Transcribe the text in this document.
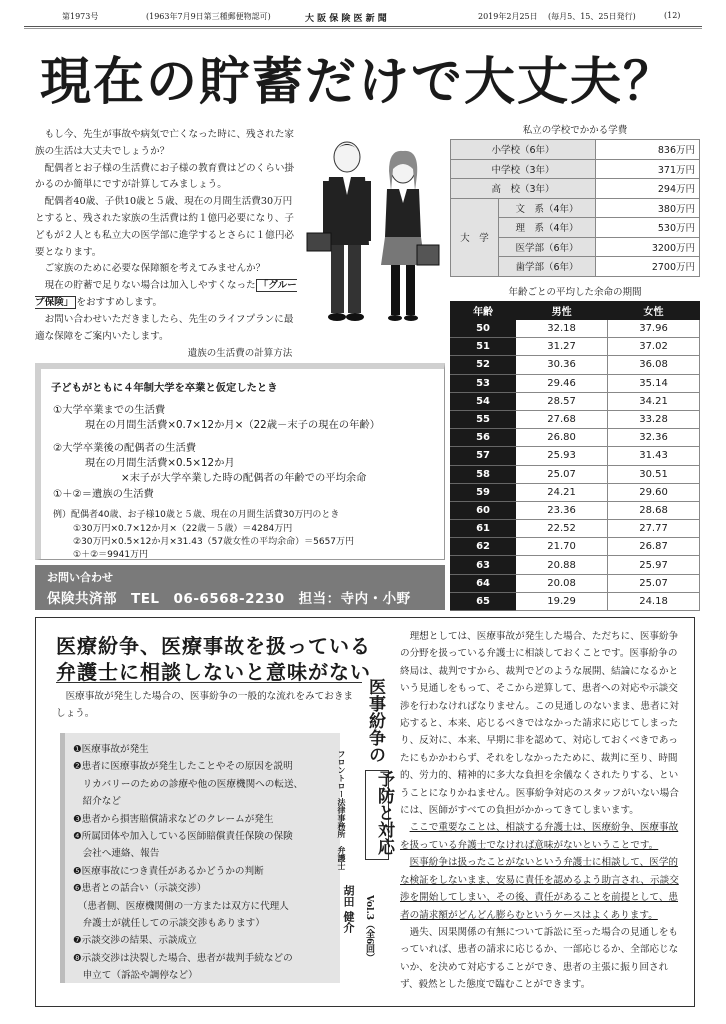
第1973号	(1963年7月9日第三種郵便物認可)	大 阪 保 険 医 新 聞	2019年2月25日 (毎月5、15、25日発行)	(12)
現在の貯蓄だけで大丈夫？

もし今、先生が事故や病気で亡くなった時に、残された家族の生活は大丈夫でしょうか？

配偶者とお子様の生活費にお子様の教育費はどのくらい掛かるのか簡単にですが計算してみましょう。

配偶者40歳、子供10歳と５歳、現在の月間生活費30万円とすると、残された家族の生活費は約１億円必要になり、子どもが２人とも私立大の医学部に進学するとさらに１億円必要となります。

ご家族のために必要な保障額を考えてみませんか？

現在の貯蓄で足りない場合は加入しやすくなった 「グループ保険」 をおすすめします。

お問い合わせいただきましたら、先生のライフプランに最適な保障をご案内いたします。

私立の学校でかかる学費
小学校（6年）		836万円
中学校（3年）		371万円
高　校（3年）		294万円
大　学	文　系（4年）	380万円
	理　系（4年）	530万円
	医学部（6年）	3200万円
	歯学部（6年）	2700万円
年齢ごとの平均した余命の期間
年齢	男性	女性
50	32.18	37.96
51	31.27	37.02
52	30.36	36.08
53	29.46	35.14
54	28.57	34.21
55	27.68	33.28
56	26.80	32.36
57	25.93	31.43
58	25.07	30.51
59	24.21	29.60
60	23.36	28.68
61	22.52	27.77
62	21.70	26.87
63	20.88	25.97
64	20.08	25.07
65	19.29	24.18
遺族の生活費の計算方法
子どもがともに４年制大学を卒業と仮定したとき
①大学卒業までの生活費
現在の月間生活費×0.7×12か月×（22歳－末子の現在の年齢）
②大学卒業後の配偶者の生活費
現在の月間生活費×0.5×12か月
×末子が大学卒業した時の配偶者の年齢での平均余命
①＋②＝遺族の生活費
例）配偶者40歳、お子様10歳と５歳、現在の月間生活費30万円のとき
①30万円×0.7×12か月×（22歳－５歳）＝4284万円
②30万円×0.5×12か月×31.43（57歳女性の平均余命）＝5657万円
①＋②＝9941万円
お問い合わせ
保険共済部　TEL　06-6568-2230　担当：寺内・小野
医療紛争、医療事故を扱っている
弁護士に相談しないと意味がない
医療事故が発生した場合の、医事紛争の一般的な流れをみておきましょう。
❶医療事故が発生
❷患者に医療事故が発生したことやその原因を説明
　リカバリーのための診療や他の医療機関への転送、
　紹介など
❸患者から損害賠償請求などのクレームが発生
❹所属団体や加入している医師賠償責任保険の保険
　会社へ連絡、報告
❺医療事故につき責任があるかどうかの判断
❻患者との話合い（示談交渉）
　（患者側、医療機関側の一方または双方に代理人
　弁護士が就任しての示談交渉もあります）
❼示談交渉の結果、示談成立
❽示談交渉は決裂した場合、患者が裁判手続などの
　申立て（訴訟や調停など）
医事紛争の
予防と対応
フロントロー法律事務所　弁護士
胡田 健介 Vol.3（全6回）

理想としては、医療事故が発生した場合、ただちに、医事紛争の分野を扱っている弁護士に相談しておくことです。医事紛争の終局は、裁判ですから、裁判でどのような展開、結論になるかという見通しをもって、そこから逆算して、患者への対応や示談交渉を行わなければなりません。この見通しのないまま、患者に対応すると、本来、応じるべきではなかった請求に応じてしまったり、反対に、本来、早期に非を認めて、対応しておくべきであったにもかかわらず、それをしなかったために、裁判に至り、時間的、労力的、精神的に多大な負担を余儀なくされたりする、ということになりかねません。医事紛争対応のスタッフがいない場合には、医師がすべての負担がかかってきてしまいます。

ここで重要なことは、相談する弁護士は、医療紛争、医療事故を扱っている弁護士でなければ意味がないということです。

医事紛争は扱ったことがないという弁護士に相談して、医学的な検証をしないまま、安易に責任を認めるよう助言され、示談交渉を開始してしまい、その後、責任があることを前提として、患者の請求額がどんどん膨らむというケースはよくあります。

過失、因果関係の有無について訴訟に至った場合の見通しをもっていれば、患者の請求に応じるか、一部応じるか、全部応じないか、を決めて対応することができ、患者の主張に振り回されず、毅然とした態度で臨むことができます。
